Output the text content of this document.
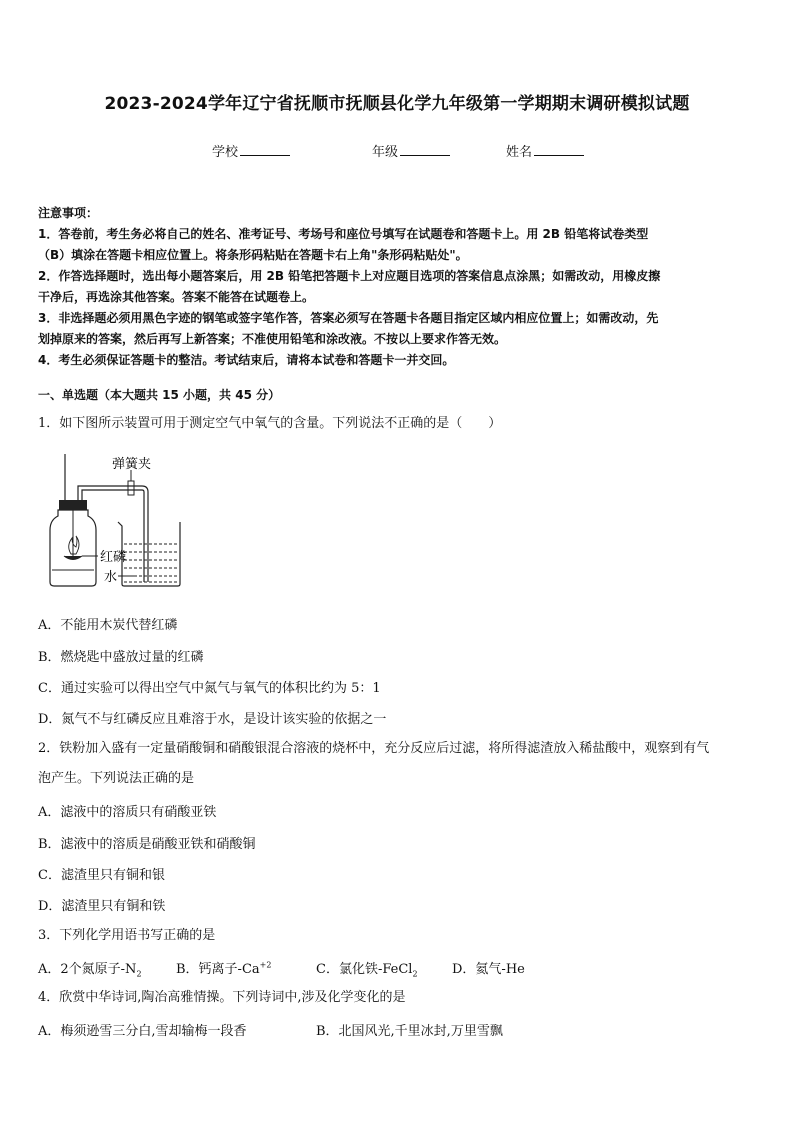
2023-2024学年辽宁省抚顺市抚顺县化学九年级第一学期期末调研模拟试题
学校	年级	姓名
注意事项：

1．答卷前，考生务必将自己的姓名、准考证号、考场号和座位号填写在试题卷和答题卡上。用 2B 铅笔将试卷类型

（B）填涂在答题卡相应位置上。将条形码粘贴在答题卡右上角"条形码粘贴处"。

2．作答选择题时，选出每小题答案后，用 2B 铅笔把答题卡上对应题目选项的答案信息点涂黑；如需改动，用橡皮擦

干净后，再选涂其他答案。答案不能答在试题卷上。

3．非选择题必须用黑色字迹的钢笔或签字笔作答，答案必须写在答题卡各题目指定区域内相应位置上；如需改动，先

划掉原来的答案，然后再写上新答案；不准使用铅笔和涂改液。不按以上要求作答无效。

4．考生必须保证答题卡的整洁。考试结束后，请将本试卷和答题卡一并交回。

一、单选题（本大题共 15 小题，共 45 分）
1．如下图所示装置可用于测定空气中氧气的含量。下列说法不正确的是（　　）
弹簧夹
红磷
水
A．不能用木炭代替红磷
B．燃烧匙中盛放过量的红磷
C．通过实验可以得出空气中氮气与氧气的体积比约为 5：1
D．氮气不与红磷反应且难溶于水，是设计该实验的依据之一
2．铁粉加入盛有一定量硝酸铜和硝酸银混合溶液的烧杯中，充分反应后过滤，将所得滤渣放入稀盐酸中，观察到有气
泡产生。下列说法正确的是
A．滤液中的溶质只有硝酸亚铁
B．滤液中的溶质是硝酸亚铁和硝酸铜
C．滤渣里只有铜和银
D．滤渣里只有铜和铁
3．下列化学用语书写正确的是
A．2个氮原子$-N_2$	B．钙离子$-Ca^{+2}$	C．氯化铁-FeCl$_2$	D．氦气-He
4．欣赏中华诗词,陶冶高雅情操。下列诗词中,涉及化学变化的是
A．梅须逊雪三分白,雪却输梅一段香	B．北国风光,千里冰封,万里雪飘
